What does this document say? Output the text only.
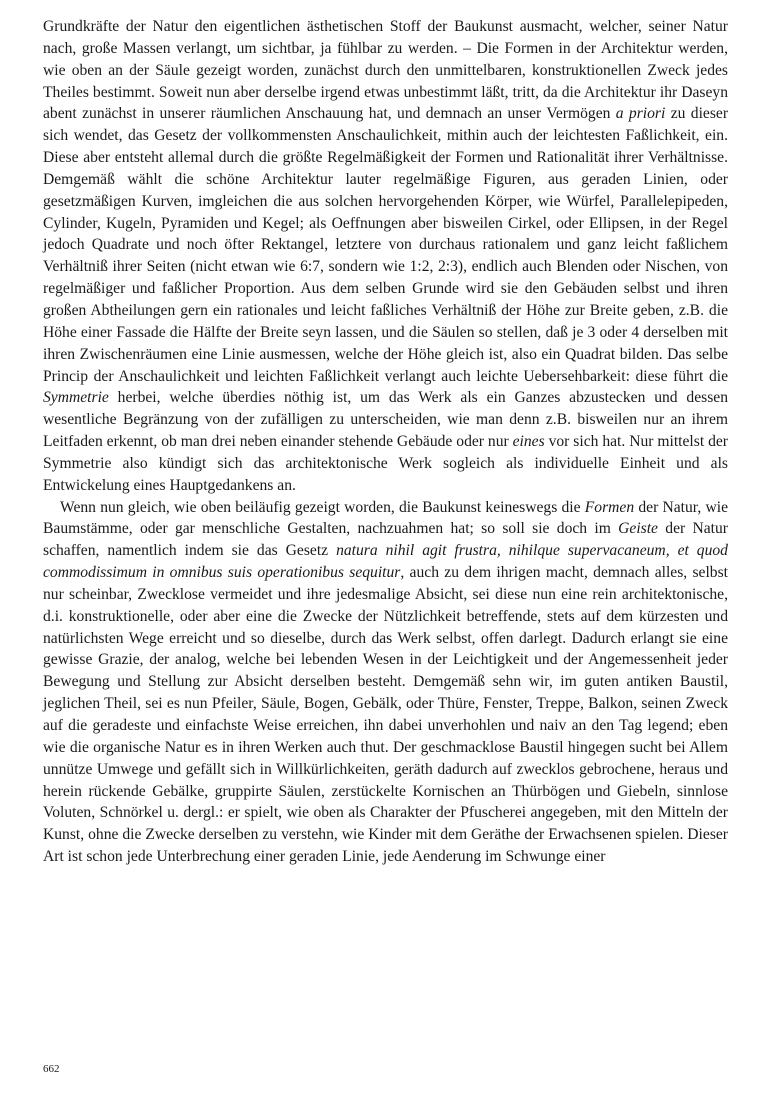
Grundkräfte der Natur den eigentlichen ästhetischen Stoff der Baukunst ausmacht, welcher, seiner Natur nach, große Massen verlangt, um sichtbar, ja fühlbar zu werden. – Die Formen in der Architektur werden, wie oben an der Säule gezeigt worden, zunächst durch den unmittelbaren, konstruktionellen Zweck jedes Theiles bestimmt. Soweit nun aber derselbe irgend etwas unbestimmt läßt, tritt, da die Architektur ihr Daseyn abent zunächst in unserer räumlichen Anschauung hat, und demnach an unser Vermögen a priori zu dieser sich wendet, das Gesetz der vollkommensten Anschaulichkeit, mithin auch der leichtesten Faßlichkeit, ein. Diese aber entsteht allemal durch die größte Regelmäßigkeit der Formen und Rationalität ihrer Verhältnisse. Demgemäß wählt die schöne Architektur lauter regelmäßige Figuren, aus geraden Linien, oder gesetzmäßigen Kurven, imgleichen die aus solchen hervorgehenden Körper, wie Würfel, Parallelepipeden, Cylinder, Kugeln, Pyramiden und Kegel; als Oeffnungen aber bisweilen Cirkel, oder Ellipsen, in der Regel jedoch Quadrate und noch öfter Rektangel, letztere von durchaus rationalem und ganz leicht faßlichem Verhältniß ihrer Seiten (nicht etwan wie 6:7, sondern wie 1:2, 2:3), endlich auch Blenden oder Nischen, von regelmäßiger und faßlicher Proportion. Aus dem selben Grunde wird sie den Gebäuden selbst und ihren großen Abtheilungen gern ein rationales und leicht faßliches Verhältniß der Höhe zur Breite geben, z.B. die Höhe einer Fassade die Hälfte der Breite seyn lassen, und die Säulen so stellen, daß je 3 oder 4 derselben mit ihren Zwischenräumen eine Linie ausmessen, welche der Höhe gleich ist, also ein Quadrat bilden. Das selbe Princip der Anschaulichkeit und leichten Faßlichkeit verlangt auch leichte Uebersehbarkeit: diese führt die Symmetrie herbei, welche überdies nöthig ist, um das Werk als ein Ganzes abzustecken und dessen wesentliche Begränzung von der zufälligen zu unterscheiden, wie man denn z.B. bisweilen nur an ihrem Leitfaden erkennt, ob man drei neben einander stehende Gebäude oder nur eines vor sich hat. Nur mittelst der Symmetrie also kündigt sich das architektonische Werk sogleich als individuelle Einheit und als Entwickelung eines Hauptgedankens an.

Wenn nun gleich, wie oben beiläufig gezeigt worden, die Baukunst keineswegs die Formen der Natur, wie Baumstämme, oder gar menschliche Gestalten, nachzuahmen hat; so soll sie doch im Geiste der Natur schaffen, namentlich indem sie das Gesetz natura nihil agit frustra, nihilque supervacaneum, et quod commodissimum in omnibus suis operationibus sequitur, auch zu dem ihrigen macht, demnach alles, selbst nur scheinbar, Zwecklose vermeidet und ihre jedesmalige Absicht, sei diese nun eine rein architektonische, d.i. konstruktionelle, oder aber eine die Zwecke der Nützlichkeit betreffende, stets auf dem kürzesten und natürlichsten Wege erreicht und so dieselbe, durch das Werk selbst, offen darlegt. Dadurch erlangt sie eine gewisse Grazie, der analog, welche bei lebenden Wesen in der Leichtigkeit und der Angemessenheit jeder Bewegung und Stellung zur Absicht derselben besteht. Demgemäß sehn wir, im guten antiken Baustil, jeglichen Theil, sei es nun Pfeiler, Säule, Bogen, Gebälk, oder Thüre, Fenster, Treppe, Balkon, seinen Zweck auf die geradeste und einfachste Weise erreichen, ihn dabei unverhohlen und naiv an den Tag legend; eben wie die organische Natur es in ihren Werken auch thut. Der geschmacklose Baustil hingegen sucht bei Allem unnütze Umwege und gefällt sich in Willkürlichkeiten, geräth dadurch auf zwecklos gebrochene, heraus und herein rückende Gebälke, gruppirte Säulen, zerstückelte Kornischen an Thürbögen und Giebeln, sinnlose Voluten, Schnörkel u. dergl.: er spielt, wie oben als Charakter der Pfuscherei angegeben, mit den Mitteln der Kunst, ohne die Zwecke derselben zu verstehn, wie Kinder mit dem Geräthe der Erwachsenen spielen. Dieser Art ist schon jede Unterbrechung einer geraden Linie, jede Aenderung im Schwunge einer

662
